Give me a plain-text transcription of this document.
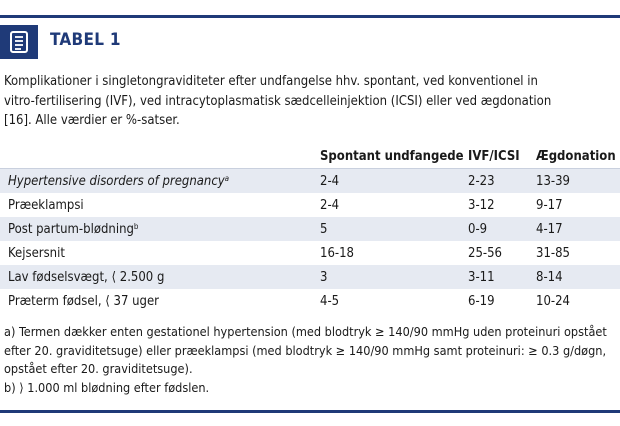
TABEL 1
Komplikationer i singletongraviditeter efter undfangelse hhv. spontant, ved konventionel in
vitro-fertilisering (IVF), ved intracytoplasmatisk sædcelleinjektion (ICSI) eller ved ægdonation
[16]. Alle værdier er %-satser.
	Spontant undfangede	IVF/ICSI	Ægdonation
Hypertensive disorders of pregnancy$^a$	2-4	2-23	13-39
Præeklampsi	2-4	3-12	9-17
Post partum-blødning$^b$	5	0-9	4-17
Kejsersnit	16-18	25-56	31-85
Lav fødselsvægt, ⟨ 2.500 g	3	3-11	8-14
Præterm fødsel, ⟨ 37 uger	4-5	6-19	10-24
a) Termen dækker enten gestationel hypertension (med blodtryk ≥ 140/90 mmHg uden proteinuri opstået
efter 20. graviditetsuge) eller præeklampsi (med blodtryk ≥ 140/90 mmHg samt proteinuri: ≥ 0.3 g/døgn,
opstået efter 20. graviditetsuge).
b) ⟩ 1.000 ml blødning efter fødslen.
